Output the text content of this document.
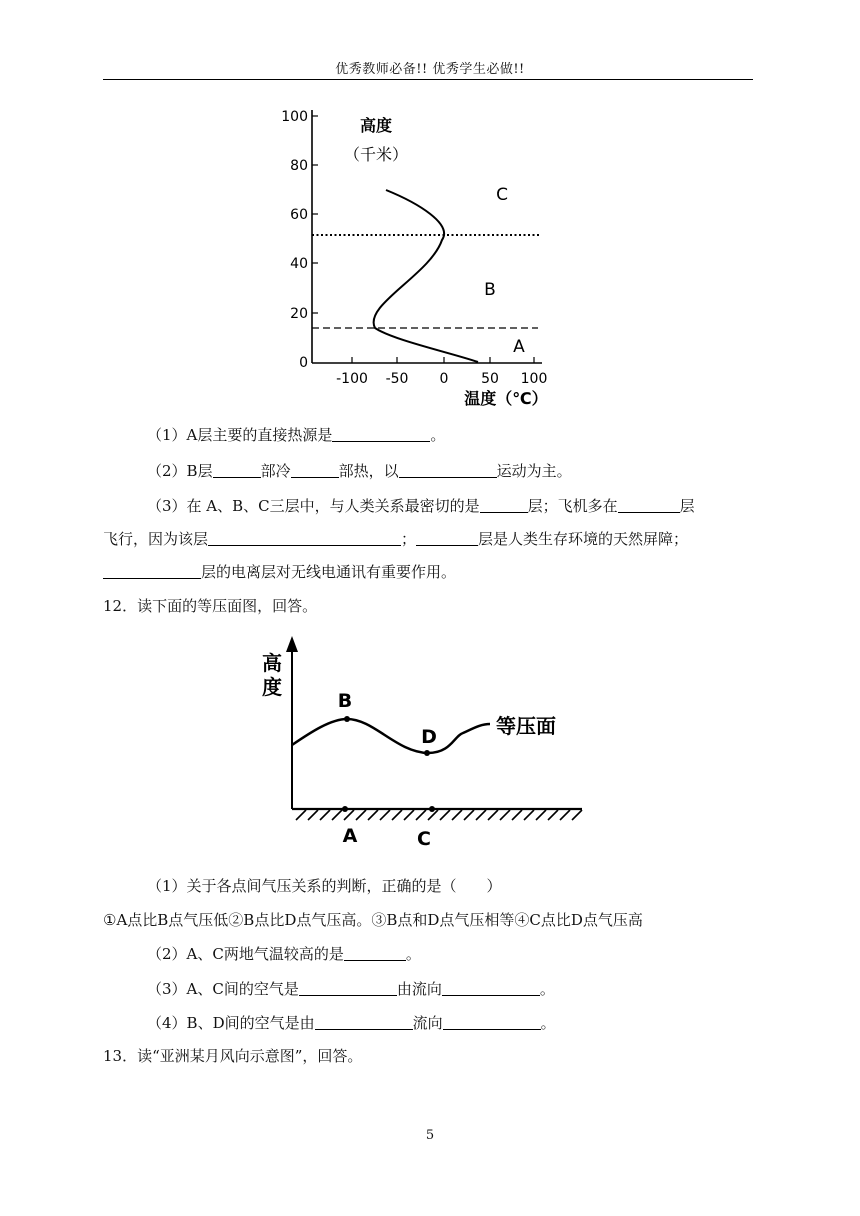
优秀教师必备!! 优秀学生必做!!
100
80
60
40
20
0
-100 -50 0 50 100
高度
（千米）
温度（℃）
C
B
A
（1）A层主要的直接热源是	。
（2）B层	部冷	部热，以	运动为主。
（3）在 A、B、C三层中，与人类关系最密切的是	层；飞机多在	层
飞行，因为该层	；	层是人类生存环境的天然屏障；
层的电离层对无线电通讯有重要作用。
12．读下面的等压面图，回答。
高
度
B
D
A	C
等压面
（1）关于各点间气压关系的判断，正确的是（　　）
①A点比B点气压低②B点比D点气压高。③B点和D点气压相等④C点比D点气压高
（2）A、C两地气温较高的是	。
（3）A、C间的空气是	由流向	。
（4）B、D间的空气是由	流向	。
13．读“亚洲某月风向示意图”，回答。
5
